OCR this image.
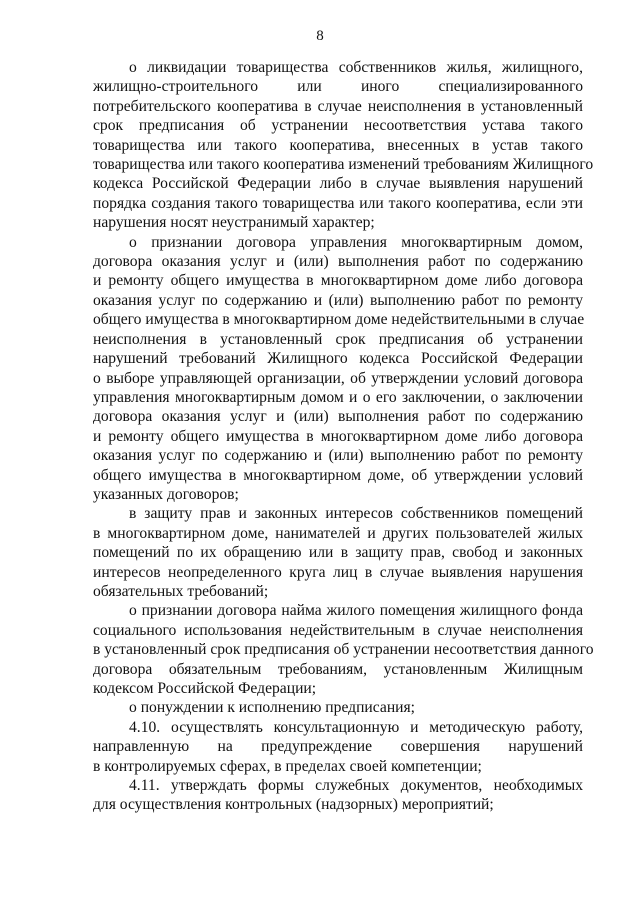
8

о ликвидации товарищества собственников жилья, жилищного,
жилищно-строительного или иного специализированного
потребительского кооператива в случае неисполнения в установленный
срок предписания об устранении несоответствия устава такого
товарищества или такого кооператива, внесенных в устав такого
товарищества или такого кооператива изменений требованиям Жилищного
кодекса Российской Федерации либо в случае выявления нарушений
порядка создания такого товарищества или такого кооператива, если эти
нарушения носят неустранимый характер;

о признании договора управления многоквартирным домом,
договора оказания услуг и (или) выполнения работ по содержанию
и ремонту общего имущества в многоквартирном доме либо договора
оказания услуг по содержанию и (или) выполнению работ по ремонту
общего имущества в многоквартирном доме недействительными в случае
неисполнения в установленный срок предписания об устранении
нарушений требований Жилищного кодекса Российской Федерации
о выборе управляющей организации, об утверждении условий договора
управления многоквартирным домом и о его заключении, о заключении
договора оказания услуг и (или) выполнения работ по содержанию
и ремонту общего имущества в многоквартирном доме либо договора
оказания услуг по содержанию и (или) выполнению работ по ремонту
общего имущества в многоквартирном доме, об утверждении условий
указанных договоров;

в защиту прав и законных интересов собственников помещений
в многоквартирном доме, нанимателей и других пользователей жилых
помещений по их обращению или в защиту прав, свобод и законных
интересов неопределенного круга лиц в случае выявления нарушения
обязательных требований;

о признании договора найма жилого помещения жилищного фонда
социального использования недействительным в случае неисполнения
в установленный срок предписания об устранении несоответствия данного
договора обязательным требованиям, установленным Жилищным
кодексом Российской Федерации;

о понуждении к исполнению предписания;

4.10. осуществлять консультационную и методическую работу,
направленную на предупреждение совершения нарушений
в контролируемых сферах, в пределах своей компетенции;

4.11. утверждать формы служебных документов, необходимых
для осуществления контрольных (надзорных) мероприятий;
